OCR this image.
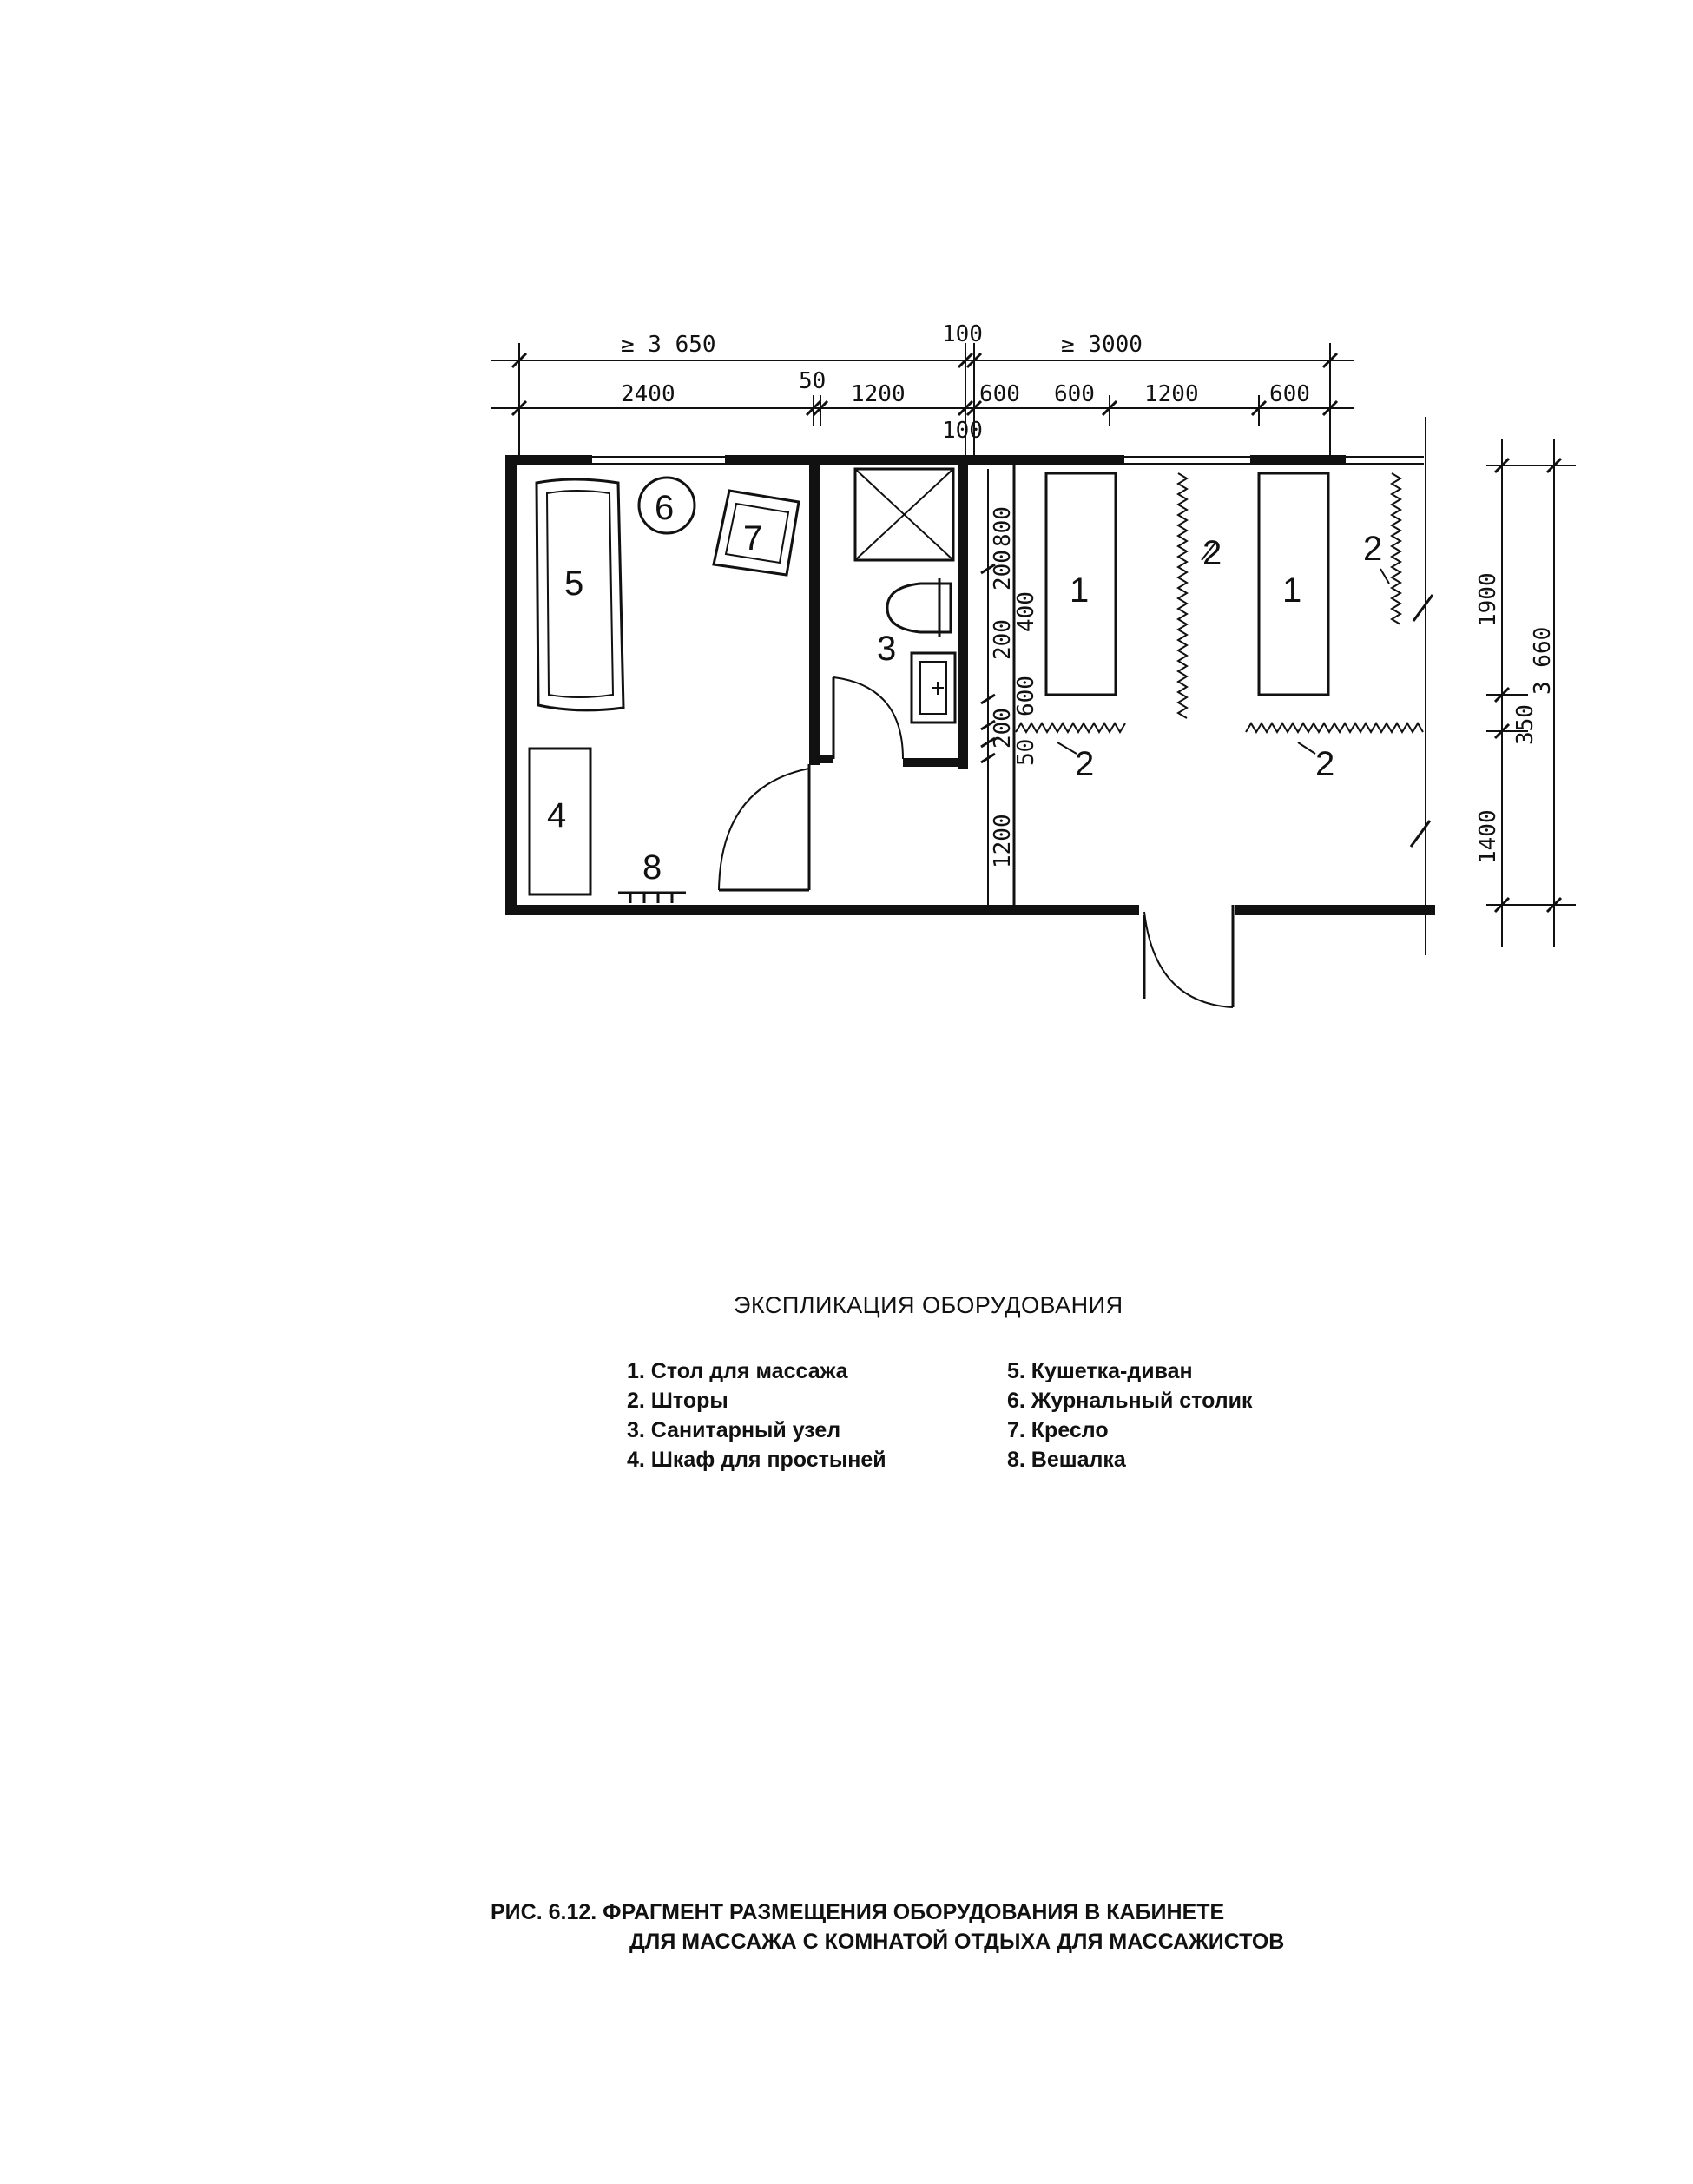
≥ 3 650	100	≥ 3000
2400	50 1200	600 600 1200	600
100
5
6
7
4
8
3
1	1
2	2
2	2
800
200
400
200
600
200
50
1200
1900
350
3 660
1400
ЭКСПЛИКАЦИЯ ОБОРУДОВАНИЯ
1. Стол для массажа
2. Шторы
3. Санитарный узел
4. Шкаф для простыней
5. Кушетка-диван
6. Журнальный столик
7. Кресло
8. Вешалка
РИС. 6.12. ФРАГМЕНТ РАЗМЕЩЕНИЯ ОБОРУДОВАНИЯ В КАБИНЕТЕ
ДЛЯ МАССАЖА С КОМНАТОЙ ОТДЫХА ДЛЯ МАССАЖИСТОВ
